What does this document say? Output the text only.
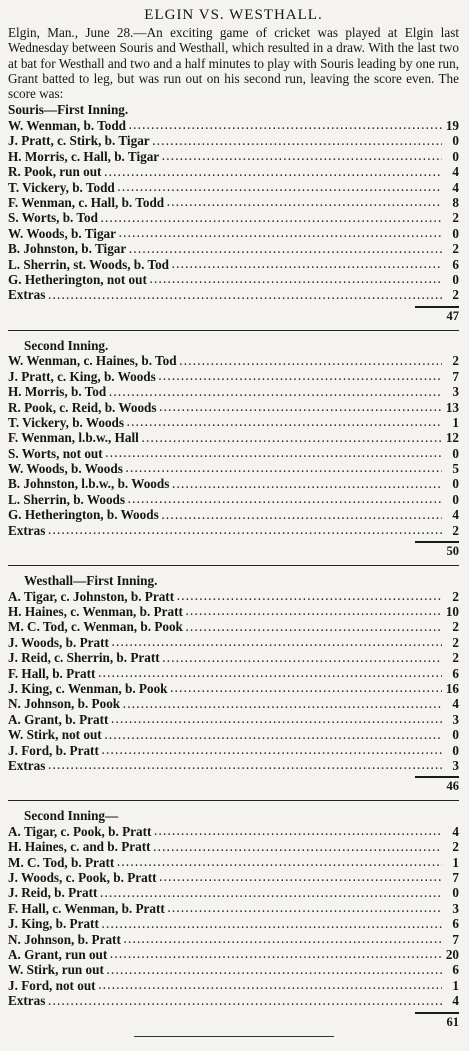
ELGIN VS. WESTHALL.

Elgin, Man., June 28.—An exciting game of cricket was played at Elgin last Wednesday between Souris and Westhall, which resulted in a draw. With the last two at bat for Westhall and two and a half minutes to play with Souris leading by one run, Grant batted to leg, but was run out on his second run, leaving the score even. The score was:

Souris—First Inning.
W. Wenman, b. Todd .....	19
J. Pratt, c. Stirk, b. Tigar .....	0
H. Morris, c. Hall, b. Tigar .....	0
R. Pook, run out .....	4
T. Vickery, b. Todd .....	4
F. Wenman, c. Hall, b. Todd .....	8
S. Worts, b. Tod .....	2
W. Woods, b. Tigar .....	0
B. Johnston, b. Tigar .....	2
L. Sherrin, st. Woods, b. Tod .....	6
G. Hetherington, not out .....	0
Extras .....	2
47
Second Inning.
W. Wenman, c. Haines, b. Tod .....	2
J. Pratt, c. King, b. Woods .....	7
H. Morris, b. Tod .....	3
R. Pook, c. Reid, b. Woods .....	13
T. Vickery, b. Woods .....	1
F. Wenman, l.b.w., Hall .....	12
S. Worts, not out .....	0
W. Woods, b. Woods .....	5
B. Johnston, l.b.w., b. Woods .....	0
L. Sherrin, b. Woods .....	0
G. Hetherington, b. Woods .....	4
Extras .....	2
50
Westhall—First Inning.
A. Tigar, c. Johnston, b. Pratt .....	2
H. Haines, c. Wenman, b. Pratt .....	10
M. C. Tod, c. Wenman, b. Pook .....	2
J. Woods, b. Pratt .....	2
J. Reid, c. Sherrin, b. Pratt .....	2
F. Hall, b. Pratt .....	6
J. King, c. Wenman, b. Pook .....	16
N. Johnson, b. Pook .....	4
A. Grant, b. Pratt .....	3
W. Stirk, not out .....	0
J. Ford, b. Pratt .....	0
Extras .....	3
46
Second Inning—
A. Tigar, c. Pook, b. Pratt .....	4
H. Haines, c. and b. Pratt .....	2
M. C. Tod, b. Pratt .....	1
J. Woods, c. Pook, b. Pratt .....	7
J. Reid, b. Pratt .....	0
F. Hall, c. Wenman, b. Pratt .....	3
J. King, b. Pratt .....	6
N. Johnson, b. Pratt .....	7
A. Grant, run out .....	20
W. Stirk, run out .....	6
J. Ford, not out .....	1
Extras .....	4
61
